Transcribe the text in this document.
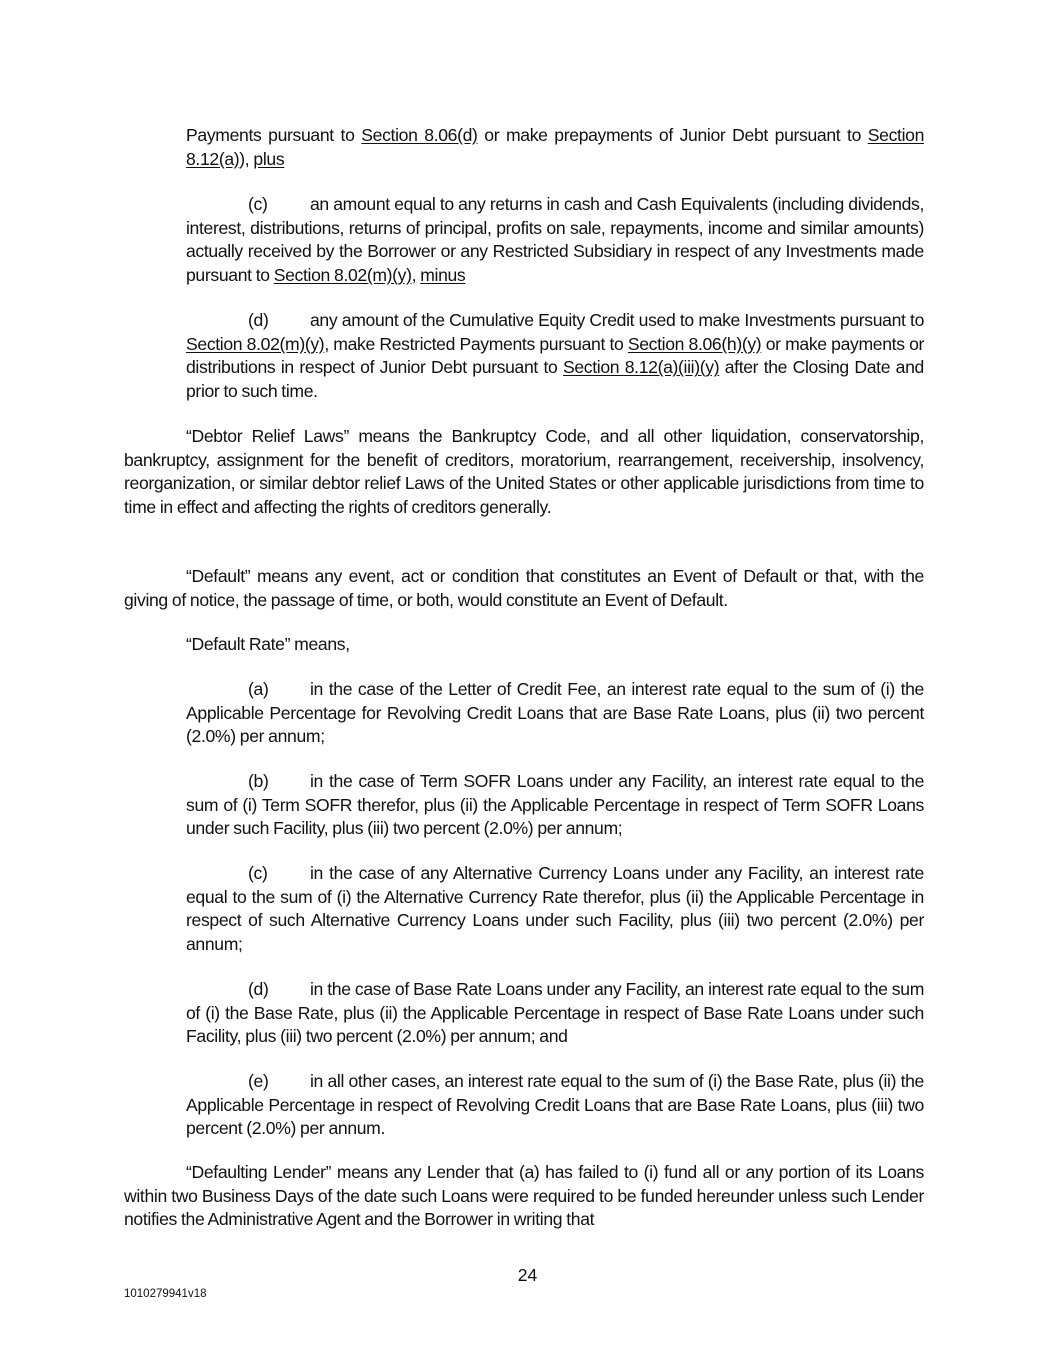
Payments pursuant to Section 8.06(d) or make prepayments of Junior Debt pursuant to Section 8.12(a)), plus
(c) an amount equal to any returns in cash and Cash Equivalents (including dividends, interest, distributions, returns of principal, profits on sale, repayments, income and similar amounts) actually received by the Borrower or any Restricted Subsidiary in respect of any Investments made pursuant to Section 8.02(m)(y), minus
(d) any amount of the Cumulative Equity Credit used to make Investments pursuant to Section 8.02(m)(y), make Restricted Payments pursuant to Section 8.06(h)(y) or make payments or distributions in respect of Junior Debt pursuant to Section 8.12(a)(iii)(y) after the Closing Date and prior to such time.
“Debtor Relief Laws” means the Bankruptcy Code, and all other liquidation, conservatorship, bankruptcy, assignment for the benefit of creditors, moratorium, rearrangement, receivership, insolvency, reorganization, or similar debtor relief Laws of the United States or other applicable jurisdictions from time to time in effect and affecting the rights of creditors generally.
“Default” means any event, act or condition that constitutes an Event of Default or that, with the giving of notice, the passage of time, or both, would constitute an Event of Default.
“Default Rate” means,
(a) in the case of the Letter of Credit Fee, an interest rate equal to the sum of (i) the Applicable Percentage for Revolving Credit Loans that are Base Rate Loans, plus (ii) two percent (2.0%) per annum;
(b) in the case of Term SOFR Loans under any Facility, an interest rate equal to the sum of (i) Term SOFR therefor, plus (ii) the Applicable Percentage in respect of Term SOFR Loans under such Facility, plus (iii) two percent (2.0%) per annum;
(c) in the case of any Alternative Currency Loans under any Facility, an interest rate equal to the sum of (i) the Alternative Currency Rate therefor, plus (ii) the Applicable Percentage in respect of such Alternative Currency Loans under such Facility, plus (iii) two percent (2.0%) per annum;
(d) in the case of Base Rate Loans under any Facility, an interest rate equal to the sum of (i) the Base Rate, plus (ii) the Applicable Percentage in respect of Base Rate Loans under such Facility, plus (iii) two percent (2.0%) per annum; and
(e) in all other cases, an interest rate equal to the sum of (i) the Base Rate, plus (ii) the Applicable Percentage in respect of Revolving Credit Loans that are Base Rate Loans, plus (iii) two percent (2.0%) per annum.
“Defaulting Lender” means any Lender that (a) has failed to (i) fund all or any portion of its Loans within two Business Days of the date such Loans were required to be funded hereunder unless such Lender notifies the Administrative Agent and the Borrower in writing that
24
1010279941v18
